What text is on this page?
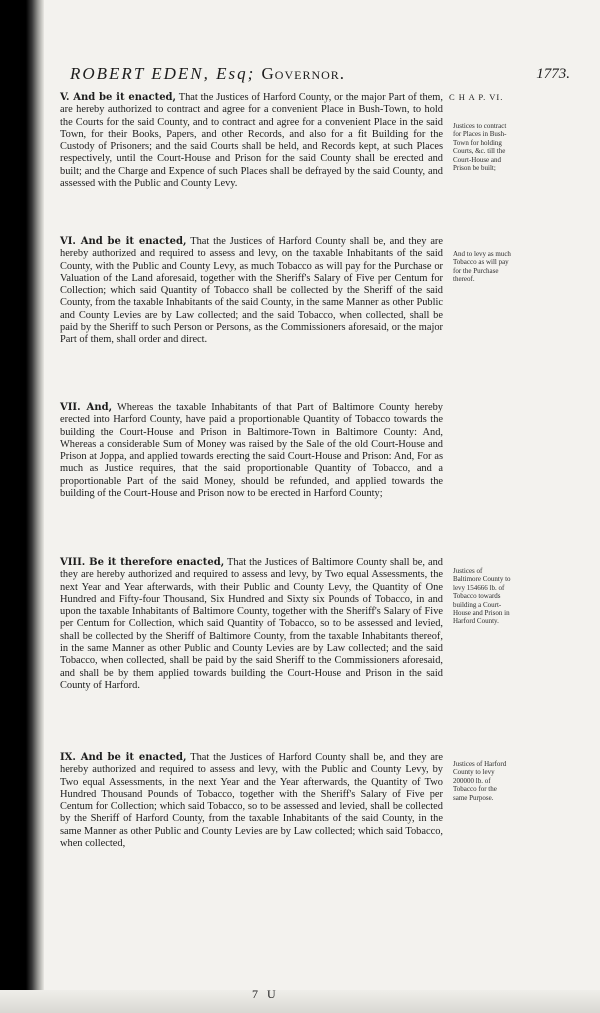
ROBERT EDEN, Esq; Governor.	1773.
C H A P. VI.
V. And be it enacted, That the Justices of Harford County, or the major Part of them, are hereby authorized to contract and agree for a convenient Place in Bush-Town, to hold the Courts for the said County, and to contract and agree for a convenient Place in the said Town, for their Books, Papers, and other Records, and also for a fit Building for the Custody of Prisoners; and the said Courts shall be held, and Records kept, at such Places respectively, until the Court-House and Prison for the said County shall be erected and built; and the Charge and Expence of such Places shall be defrayed by the said County, and assessed with the Public and County Levy.
VI. And be it enacted, That the Justices of Harford County shall be, and they are hereby authorized and required to assess and levy, on the taxable Inhabitants of the said County, with the Public and County Levy, as much Tobacco as will pay for the Purchase or Valuation of the Land aforesaid, together with the Sheriff's Salary of Five per Centum for Collection; which said Quantity of Tobacco shall be collected by the Sheriff of the said County, from the taxable Inhabitants of the said County, in the same Manner as other Public and County Levies are by Law collected; and the said Tobacco, when collected, shall be paid by the Sheriff to such Person or Persons, as the Commissioners aforesaid, or the major Part of them, shall order and direct.
VII. And, Whereas the taxable Inhabitants of that Part of Baltimore County hereby erected into Harford County, have paid a proportionable Quantity of Tobacco towards the building the Court-House and Prison in Baltimore-Town in Baltimore County: And, Whereas a considerable Sum of Money was raised by the Sale of the old Court-House and Prison at Joppa, and applied towards erecting the said Court-House and Prison: And, For as much as Justice requires, that the said proportionable Quantity of Tobacco, and a proportionable Part of the said Money, should be refunded, and applied towards the building of the Court-House and Prison now to be erected in Harford County;
VIII. Be it therefore enacted, That the Justices of Baltimore County shall be, and they are hereby authorized and required to assess and levy, by Two equal Assessments, the next Year and Year afterwards, with their Public and County Levy, the Quantity of One Hundred and Fifty-four Thousand, Six Hundred and Sixty six Pounds of Tobacco, in and upon the taxable Inhabitants of Baltimore County, together with the Sheriff's Salary of Five per Centum for Collection, which said Quantity of Tobacco, so to be assessed and levied, shall be collected by the Sheriff of Baltimore County, from the taxable Inhabitants thereof, in the same Manner as other Public and County Levies are by Law collected; and the said Tobacco, when collected, shall be paid by the said Sheriff to the Commissioners aforesaid, and shall be by them applied towards building the Court-House and Prison in the said County of Harford.
IX. And be it enacted, That the Justices of Harford County shall be, and they are hereby authorized and required to assess and levy, with the Public and County Levy, by Two equal Assessments, in the next Year and the Year afterwards, the Quantity of Two Hundred Thousand Pounds of Tobacco, together with the Sheriff's Salary of Five per Centum for Collection; which said Tobacco, so to be assessed and levied, shall be collected by the Sheriff of Harford County, from the taxable Inhabitants of the said County, in the same Manner as other Public and County Levies are by Law collected; which said Tobacco, when collected,
Justices to contract for Places in Bush-Town for holding Courts, &c. till the Court-House and Prison be built;
And to levy as much Tobacco as will pay for the Purchase thereof.
Justices of Baltimore County to levy 154666 lb. of Tobacco towards building a Court-House and Prison in Harford County.
Justices of Harford County to levy 200000 lb. of Tobacco for the same Purpose.
7 U
